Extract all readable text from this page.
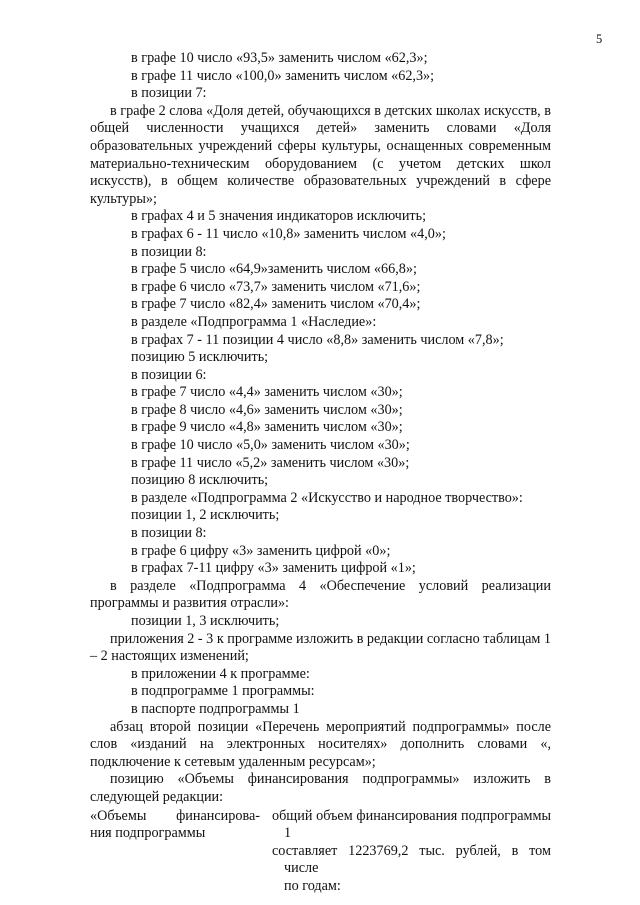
5

в графе 10 число «93,5» заменить числом «62,3»;

в графе 11 число «100,0» заменить числом «62,3»;

в позиции 7:

в графе 2 слова «Доля детей, обучающихся в детских школах искусств, в общей численности учащихся детей» заменить словами «Доля образовательных учреждений сферы культуры, оснащенных современным материально-техническим оборудованием (с учетом детских школ искусств), в общем количестве образовательных учреждений в сфере культуры»;

в графах 4 и 5 значения индикаторов исключить;

в графах 6 - 11 число «10,8» заменить числом «4,0»;

в позиции 8:

в графе 5 число «64,9»заменить числом «66,8»;

в графе 6 число «73,7» заменить числом «71,6»;

в графе 7 число «82,4» заменить числом «70,4»;

в разделе «Подпрограмма 1 «Наследие»:

в графах 7 - 11 позиции 4 число «8,8» заменить числом «7,8»;

позицию 5 исключить;

в позиции 6:

в графе 7 число «4,4» заменить числом «30»;

в графе 8 число «4,6» заменить числом «30»;

в графе 9 число «4,8» заменить числом «30»;

в графе 10 число «5,0» заменить числом «30»;

в графе 11 число «5,2» заменить числом «30»;

позицию 8 исключить;

в разделе «Подпрограмма 2 «Искусство и народное творчество»:

позиции 1, 2 исключить;

в позиции 8:

в графе 6 цифру «3» заменить цифрой «0»;

в графах 7-11 цифру «3» заменить цифрой «1»;

в разделе «Подпрограмма 4 «Обеспечение условий реализации программы и развития отрасли»:

позиции 1, 3 исключить;

приложения 2 - 3 к программе изложить в редакции согласно таблицам 1 – 2 настоящих изменений;

в приложении 4 к программе:

в подпрограмме 1 программы:

в паспорте подпрограммы 1

абзац второй позиции «Перечень мероприятий подпрограммы» после слов «изданий на электронных носителях» дополнить словами «, подключение к сетевым удаленным ресурсам»;

позицию «Объемы финансирования подпрограммы» изложить в следующей редакции:

«Объемы финансирова-
ния подпрограммы
общий объем финансирования подпрограммы 1
составляет 1223769,2 тыс. рублей, в том числе
по годам:
